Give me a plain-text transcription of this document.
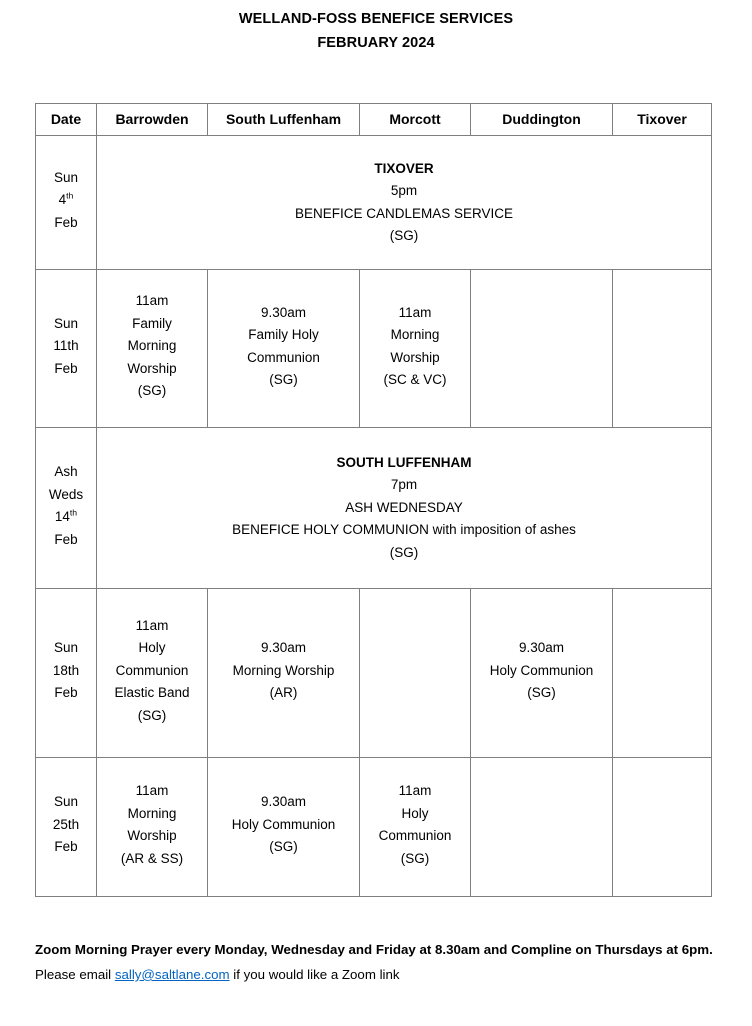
WELLAND-FOSS BENEFICE SERVICES
FEBRUARY 2024
Date	Barrowden	South Luffenham	Morcott	Duddington	Tixover

Sun
4th
Feb	TIXOVER
5pm
BENEFICE CANDLEMAS SERVICE
(SG)				

Sun
11th
Feb	11am
Family
Morning
Worship
(SG)	9.30am
Family Holy
Communion
(SG)	11am
Morning
Worship
(SC & VC)		

Ash
Weds
14th
Feb	SOUTH LUFFENHAM
7pm
ASH WEDNESDAY
BENEFICE HOLY COMMUNION with imposition of ashes
(SG)				

Sun
18th
Feb	11am
Holy
Communion
Elastic Band
(SG)	9.30am
Morning Worship
(AR)		9.30am
Holy Communion
(SG)	

Sun
25th
Feb	11am
Morning
Worship
(AR & SS)	9.30am
Holy Communion
(SG)	11am
Holy
Communion
(SG)		

Zoom Morning Prayer every Monday, Wednesday and Friday at 8.30am and Compline on Thursdays at 6pm.
Please email sally@saltlane.com if you would like a Zoom link
